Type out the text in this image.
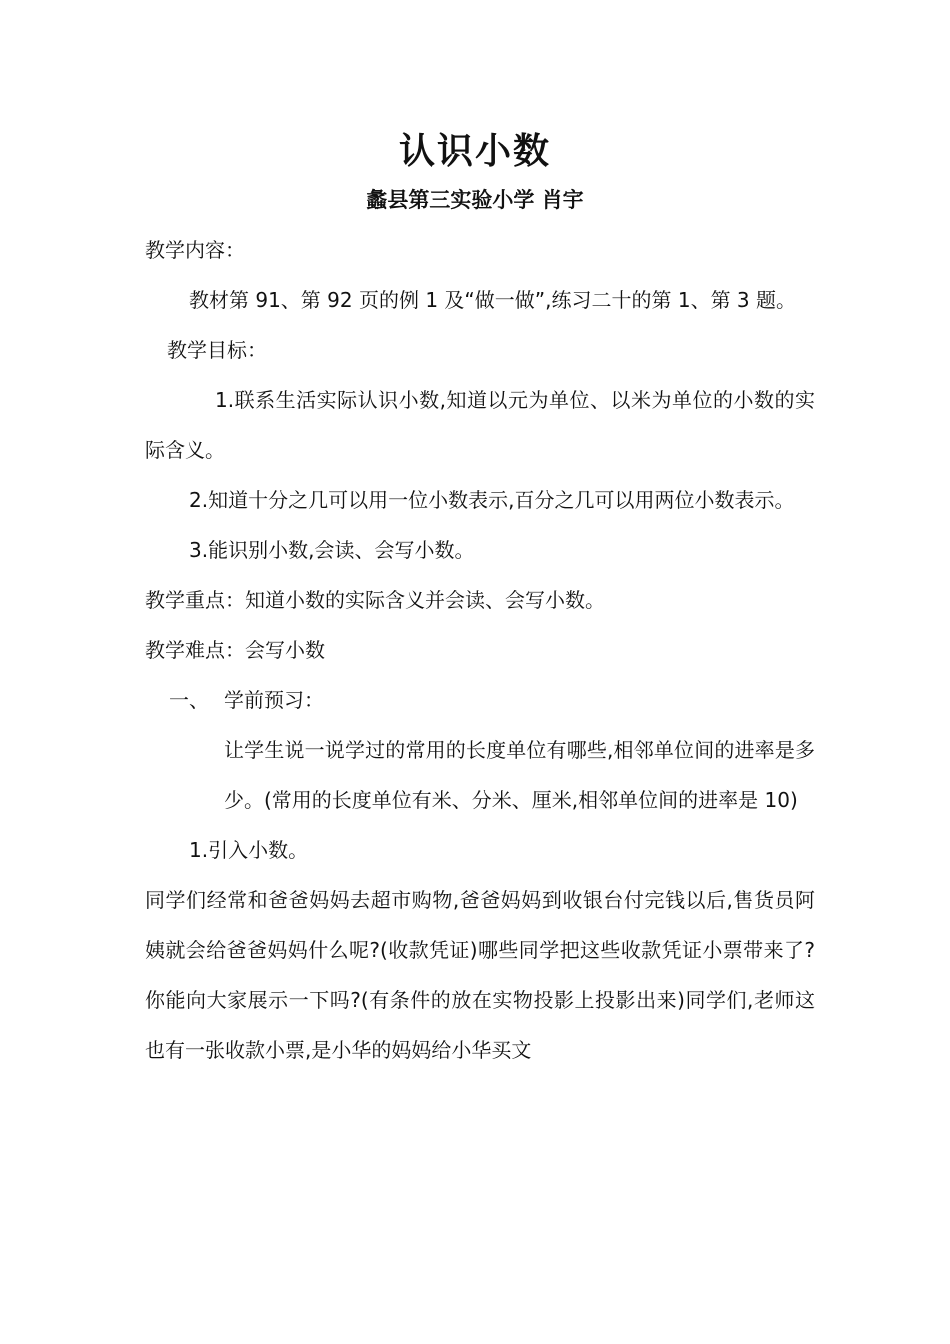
认识小数
蠡县第三实验小学 肖宇

教学内容：

教材第 91、第 92 页的例 1 及“做一做”,练习二十的第 1、第 3 题。

教学目标：

1.联系生活实际认识小数,知道以元为单位、以米为单位的小数的实际含义。

2.知道十分之几可以用一位小数表示,百分之几可以用两位小数表示。

3.能识别小数,会读、会写小数。

教学重点：知道小数的实际含义并会读、会写小数。

教学难点：会写小数

一、 学前预习：

让学生说一说学过的常用的长度单位有哪些,相邻单位间的进率是多少。(常用的长度单位有米、分米、厘米,相邻单位间的进率是 10)

1.引入小数。

同学们经常和爸爸妈妈去超市购物,爸爸妈妈到收银台付完钱以后,售货员阿姨就会给爸爸妈妈什么呢?(收款凭证)哪些同学把这些收款凭证小票带来了?你能向大家展示一下吗?(有条件的放在实物投影上投影出来)同学们,老师这也有一张收款小票,是小华的妈妈给小华买文
